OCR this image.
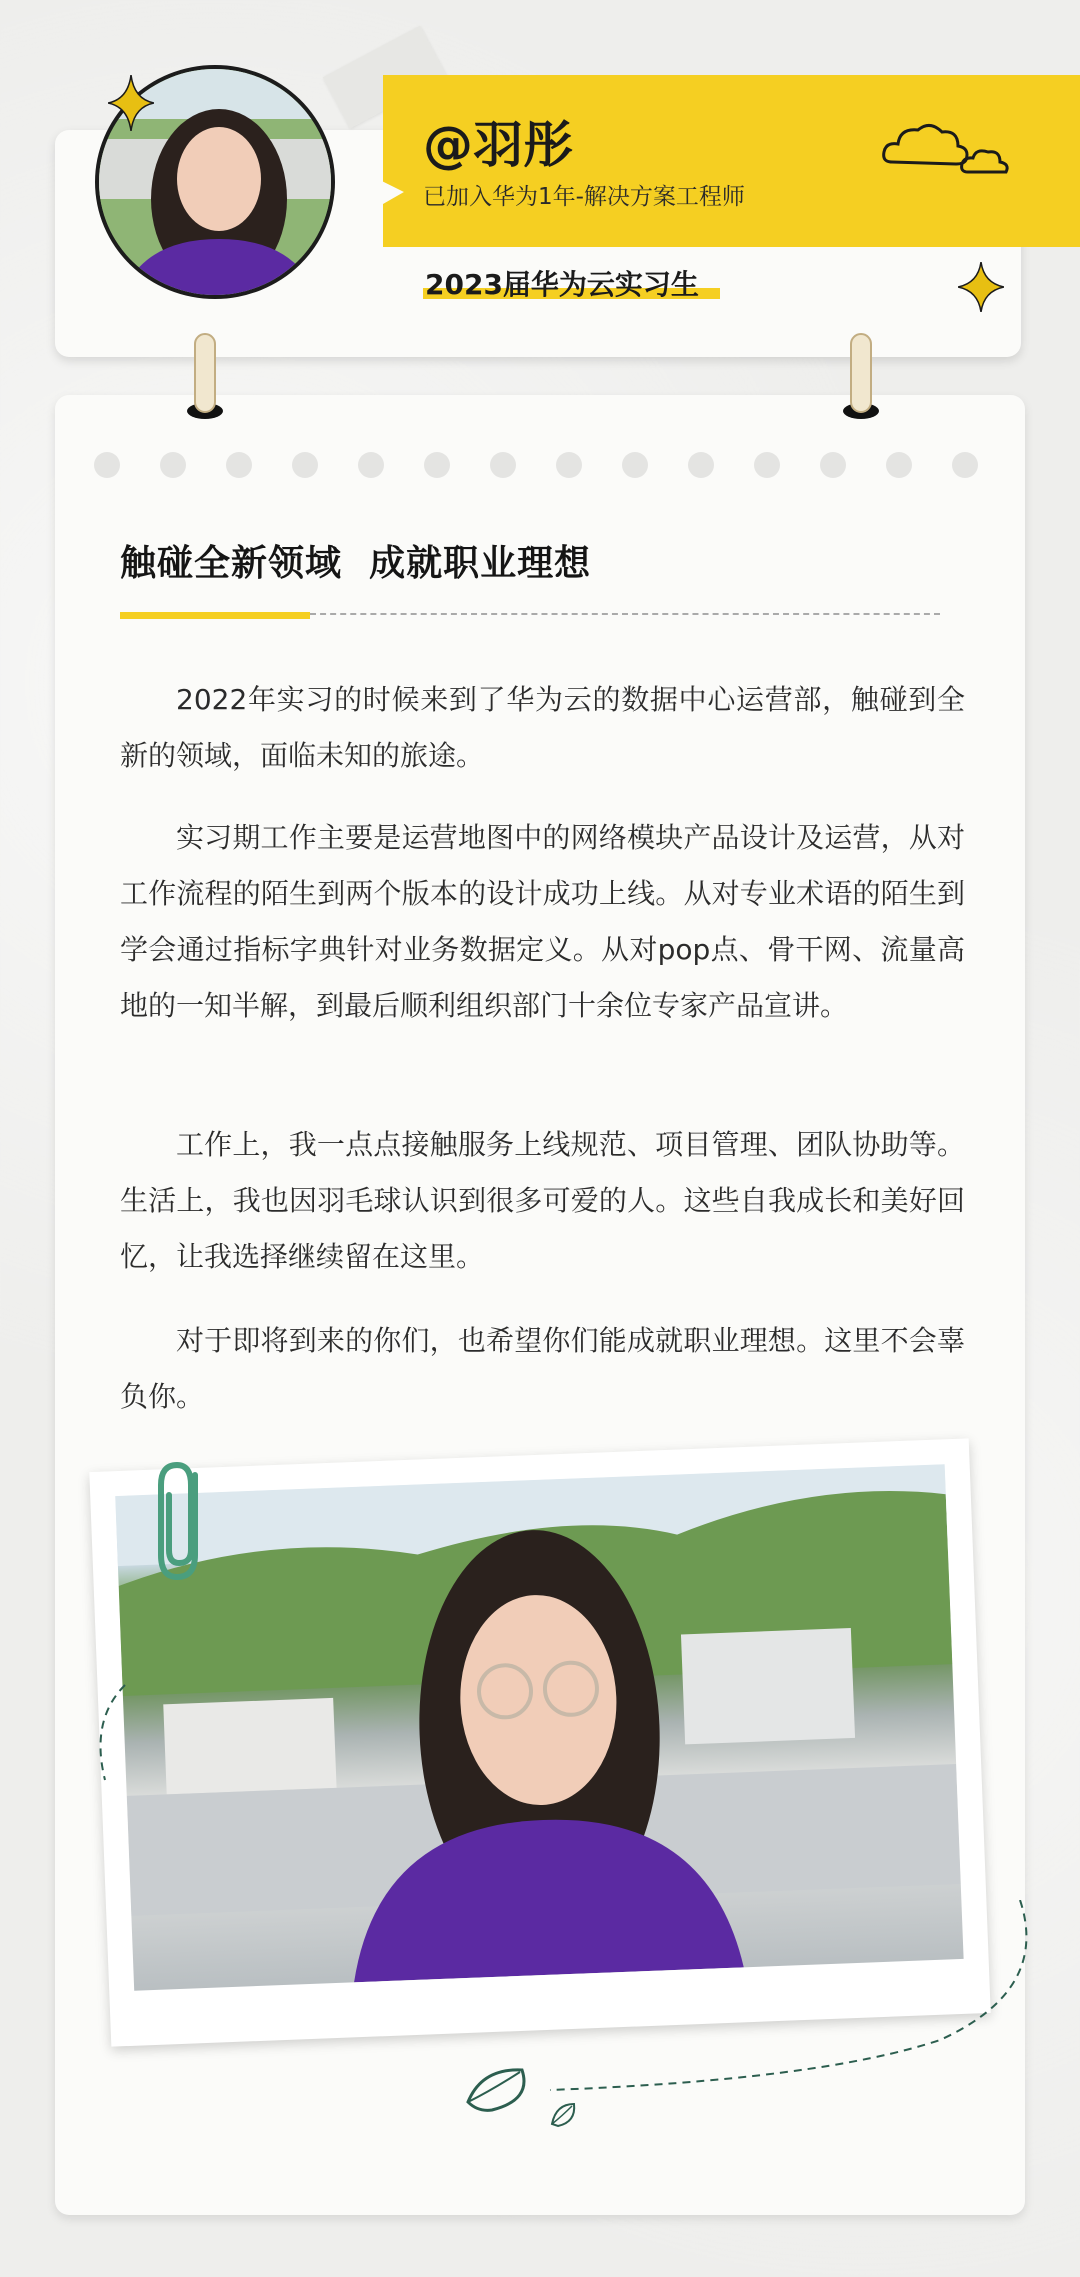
@羽彤
已加入华为1年-解决方案工程师
2023届华为云实习生
触碰全新领域  成就职业理想

2022年实习的时候来到了华为云的数据中心运营部，触碰到全新的领域，面临未知的旅途。

实习期工作主要是运营地图中的网络模块产品设计及运营，从对工作流程的陌生到两个版本的设计成功上线。从对专业术语的陌生到学会通过指标字典针对业务数据定义。从对pop点、骨干网、流量高地的一知半解，到最后顺利组织部门十余位专家产品宣讲。

工作上，我一点点接触服务上线规范、项目管理、团队协助等。生活上，我也因羽毛球认识到很多可爱的人。这些自我成长和美好回忆，让我选择继续留在这里。

对于即将到来的你们，也希望你们能成就职业理想。这里不会辜负你。
